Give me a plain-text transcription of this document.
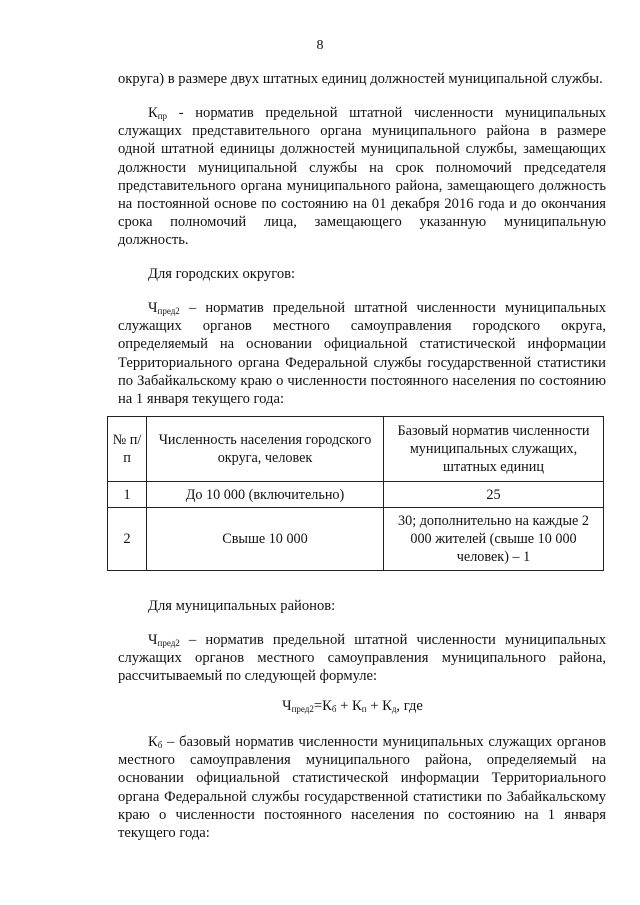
8

округа) в размере двух штатных единиц должностей муниципальной службы.

$К_{пр}$ - норматив предельной штатной численности муниципальных служащих представительного органа муниципального района в размере одной штатной единицы должностей муниципальной службы, замещающих должности муниципальной службы на срок полномочий председателя представительного органа муниципального района, замещающего должность на постоянной основе по состоянию на 01 декабря 2016 года и до окончания срока полномочий лица, замещающего указанную муниципальную должность.

Для городских округов:

$Ч_{пред2}$ – норматив предельной штатной численности муниципальных служащих органов местного самоуправления городского округа, определяемый на основании официальной статистической информации Территориального органа Федеральной службы государственной статистики по Забайкальскому краю о численности постоянного населения по состоянию на 1 января текущего года:

№ п/п	Численность населения городского округа, человек	Базовый норматив численности муниципальных служащих, штатных единиц
1	До 10 000 (включительно)	25
2	Свыше 10 000	30; дополнительно на каждые 2 000 жителей (свыше 10 000 человек) – 1

Для муниципальных районов:

$Ч_{пред2}$ – норматив предельной штатной численности муниципальных служащих органов местного самоуправления муниципального района, рассчитываемый по следующей формуле:

$Ч_{пред2}=К_б + К_п + К_д$, где

$К_б$ – базовый норматив численности муниципальных служащих органов местного самоуправления муниципального района, определяемый на основании официальной статистической информации Территориального органа Федеральной службы государственной статистики по Забайкальскому краю о численности постоянного населения по состоянию на 1 января текущего года:
